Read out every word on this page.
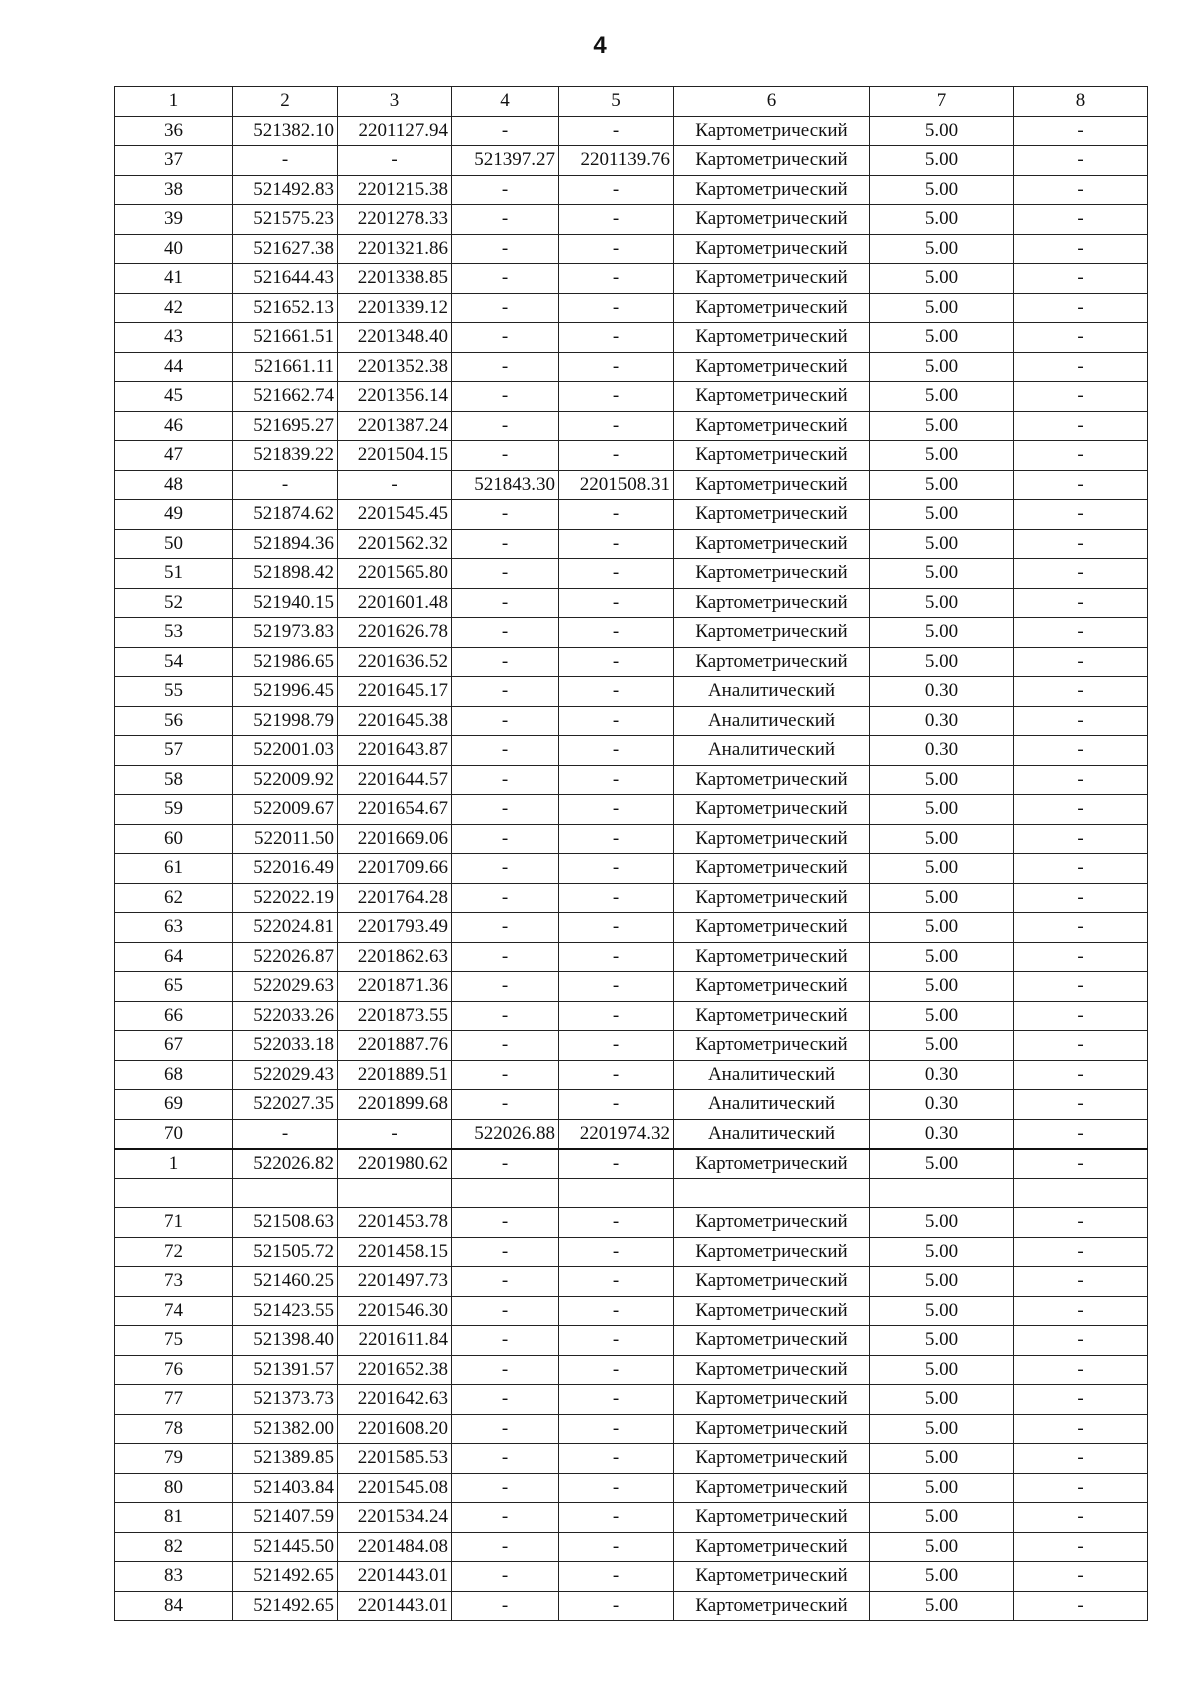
4
1	2	3	4	5	6	7	8
36	521382.10	2201127.94	-	-	Картометрический	5.00	-
37	-	-	521397.27	2201139.76	Картометрический	5.00	-
38	521492.83	2201215.38	-	-	Картометрический	5.00	-
39	521575.23	2201278.33	-	-	Картометрический	5.00	-
40	521627.38	2201321.86	-	-	Картометрический	5.00	-
41	521644.43	2201338.85	-	-	Картометрический	5.00	-
42	521652.13	2201339.12	-	-	Картометрический	5.00	-
43	521661.51	2201348.40	-	-	Картометрический	5.00	-
44	521661.11	2201352.38	-	-	Картометрический	5.00	-
45	521662.74	2201356.14	-	-	Картометрический	5.00	-
46	521695.27	2201387.24	-	-	Картометрический	5.00	-
47	521839.22	2201504.15	-	-	Картометрический	5.00	-
48	-	-	521843.30	2201508.31	Картометрический	5.00	-
49	521874.62	2201545.45	-	-	Картометрический	5.00	-
50	521894.36	2201562.32	-	-	Картометрический	5.00	-
51	521898.42	2201565.80	-	-	Картометрический	5.00	-
52	521940.15	2201601.48	-	-	Картометрический	5.00	-
53	521973.83	2201626.78	-	-	Картометрический	5.00	-
54	521986.65	2201636.52	-	-	Картометрический	5.00	-
55	521996.45	2201645.17	-	-	Аналитический	0.30	-
56	521998.79	2201645.38	-	-	Аналитический	0.30	-
57	522001.03	2201643.87	-	-	Аналитический	0.30	-
58	522009.92	2201644.57	-	-	Картометрический	5.00	-
59	522009.67	2201654.67	-	-	Картометрический	5.00	-
60	522011.50	2201669.06	-	-	Картометрический	5.00	-
61	522016.49	2201709.66	-	-	Картометрический	5.00	-
62	522022.19	2201764.28	-	-	Картометрический	5.00	-
63	522024.81	2201793.49	-	-	Картометрический	5.00	-
64	522026.87	2201862.63	-	-	Картометрический	5.00	-
65	522029.63	2201871.36	-	-	Картометрический	5.00	-
66	522033.26	2201873.55	-	-	Картометрический	5.00	-
67	522033.18	2201887.76	-	-	Картометрический	5.00	-
68	522029.43	2201889.51	-	-	Аналитический	0.30	-
69	522027.35	2201899.68	-	-	Аналитический	0.30	-
70	-	-	522026.88	2201974.32	Аналитический	0.30	-
1	522026.82	2201980.62	-	-	Картометрический	5.00	-

71	521508.63	2201453.78	-	-	Картометрический	5.00	-
72	521505.72	2201458.15	-	-	Картометрический	5.00	-
73	521460.25	2201497.73	-	-	Картометрический	5.00	-
74	521423.55	2201546.30	-	-	Картометрический	5.00	-
75	521398.40	2201611.84	-	-	Картометрический	5.00	-
76	521391.57	2201652.38	-	-	Картометрический	5.00	-
77	521373.73	2201642.63	-	-	Картометрический	5.00	-
78	521382.00	2201608.20	-	-	Картометрический	5.00	-
79	521389.85	2201585.53	-	-	Картометрический	5.00	-
80	521403.84	2201545.08	-	-	Картометрический	5.00	-
81	521407.59	2201534.24	-	-	Картометрический	5.00	-
82	521445.50	2201484.08	-	-	Картометрический	5.00	-
83	521492.65	2201443.01	-	-	Картометрический	5.00	-
84	521492.65	2201443.01	-	-	Картометрический	5.00	-
